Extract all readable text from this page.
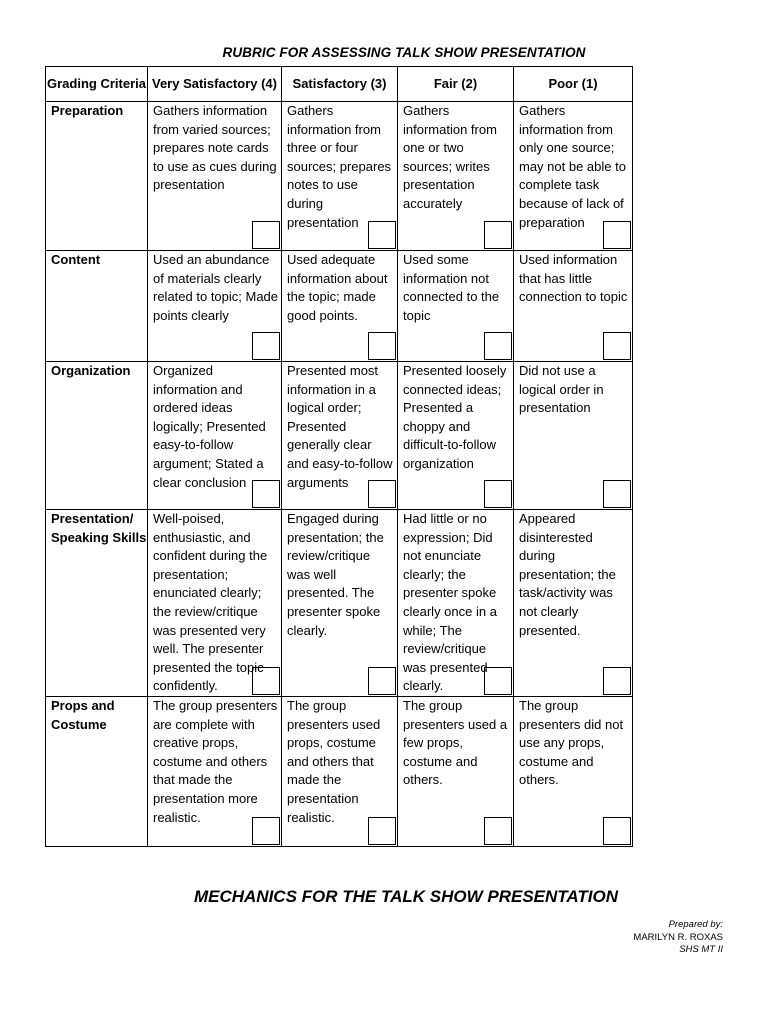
RUBRIC FOR ASSESSING TALK SHOW PRESENTATION
Grading Criteria	Very Satisfactory (4)	Satisfactory (3)	Fair (2)	Poor (1)
Preparation	Gathers information from varied sources; prepares note cards to use as cues during presentation	Gathers information from three or four sources; prepares notes to use during presentation	Gathers information from one or two sources; writes presentation accurately	Gathers information from only one source; may not be able to complete task because of lack of preparation

Content	Used an abundance of materials clearly related to topic; Made points clearly	Used adequate information about the topic; made good points.	Used some information not connected to the topic	Used information that has little connection to topic

Organization	Organized information and ordered ideas logically; Presented easy-to-follow argument; Stated a clear conclusion	Presented most information in a logical order; Presented generally clear and easy-to-follow arguments	Presented loosely connected ideas; Presented a choppy and difficult-to-follow organization	Did not use a logical order in presentation

Presentation/ Speaking Skills	Well-poised, enthusiastic, and confident during the presentation; enunciated clearly; the review/critique was presented very well. The presenter presented the topic confidently.	Engaged during presentation; the review/critique was well presented. The presenter spoke clearly.	Had little or no expression; Did not enunciate clearly; the presenter spoke clearly once in a while; The review/critique was presented clearly.	Appeared disinterested during presentation; the task/activity was not clearly presented.

Props and Costume	The group presenters are complete with creative props, costume and others that made the presentation more realistic.	The group presenters used props, costume and others that made the presentation realistic.	The group presenters used a few props, costume and others.	The group presenters did not use any props, costume and others.
MECHANICS FOR THE TALK SHOW PRESENTATION
Prepared by:
MARILYN R. ROXAS
SHS MT II
